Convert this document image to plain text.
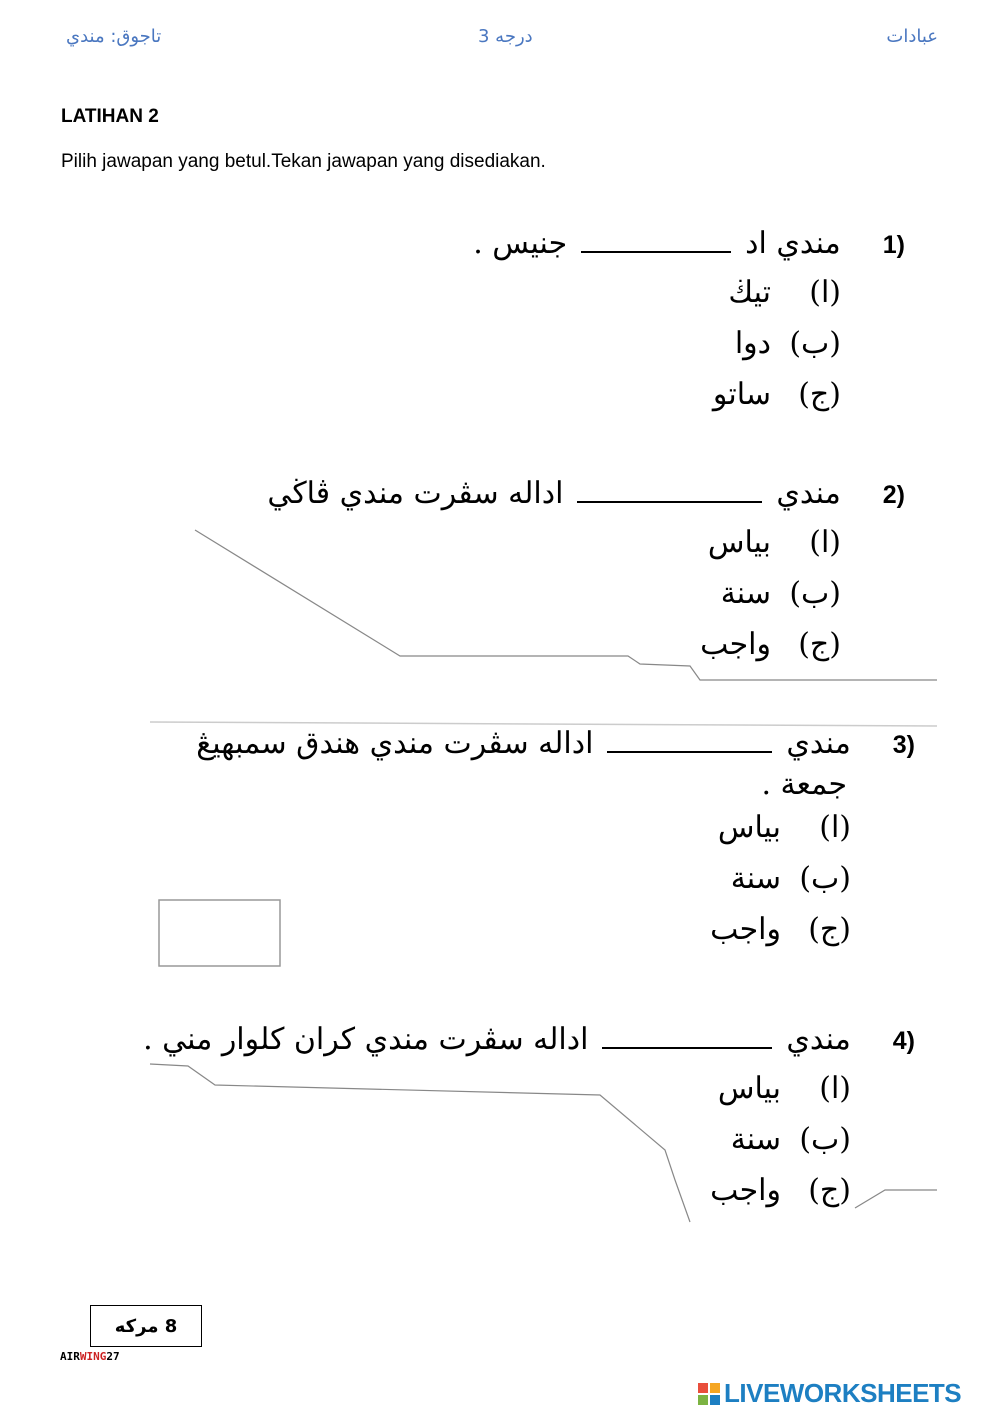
عبادات
درجه 3
تاجوق: مندي
LATIHAN 2
Pilih jawapan yang betul.Tekan jawapan yang disediakan.
1)
مندي اد
جنيس .
(ا)
تيڬ
(ب)
دوا
(ج)
ساتو
2)
مندي
اداله سڤرت مندي ڤاڬي
(ا)
بياس
(ب)
سنة
(ج)
واجب
3)
مندي
اداله سڤرت مندي هندق سمبهيڠ
جمعة .
(ا)
بياس
(ب)
سنة
(ج)
واجب
4)
مندي
اداله سڤرت مندي كران كلوار مني .
(ا)
بياس
(ب)
سنة
(ج)
واجب
8 مركه
AIRWING27
LIVEWORKSHEETS
